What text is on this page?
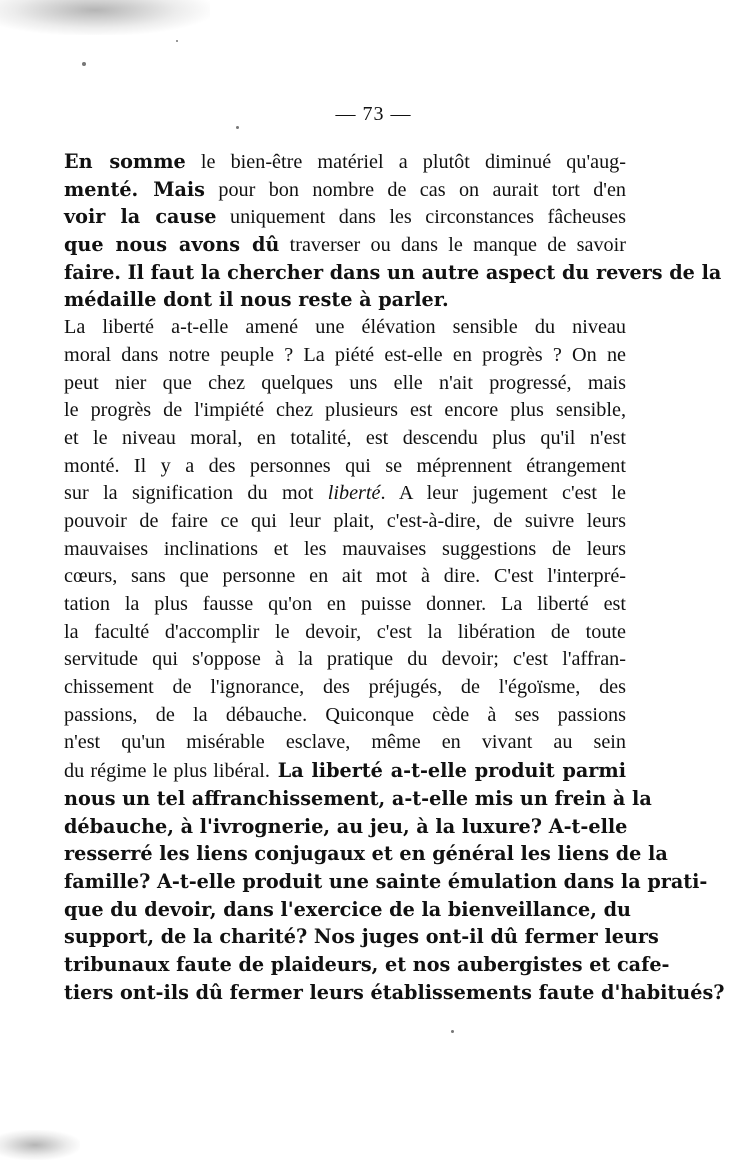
— 73 —
En somme le bien-être matériel a plutôt diminué qu'aug-
menté. Mais pour bon nombre de cas on aurait tort d'en
voir la cause uniquement dans les circonstances fâcheuses
que nous avons dû traverser ou dans le manque de savoir
faire. Il faut la chercher dans un autre aspect du revers de la
médaille dont il nous reste à parler.
La liberté a-t-elle amené une élévation sensible du niveau
moral dans notre peuple ? La piété est-elle en progrès ? On ne
peut nier que chez quelques uns elle n'ait progressé, mais
le progrès de l'impiété chez plusieurs est encore plus sensible,
et le niveau moral, en totalité, est descendu plus qu'il n'est
monté. Il y a des personnes qui se méprennent étrangement
sur la signification du mot liberté. A leur jugement c'est le
pouvoir de faire ce qui leur plait, c'est-à-dire, de suivre leurs
mauvaises inclinations et les mauvaises suggestions de leurs
cœurs, sans que personne en ait mot à dire. C'est l'interpré-
tation la plus fausse qu'on en puisse donner. La liberté est
la faculté d'accomplir le devoir, c'est la libération de toute
servitude qui s'oppose à la pratique du devoir; c'est l'affran-
chissement de l'ignorance, des préjugés, de l'égoïsme, des
passions, de la débauche. Quiconque cède à ses passions
n'est qu'un misérable esclave, même en vivant au sein
du régime le plus libéral. La liberté a-t-elle produit parmi
nous un tel affranchissement, a-t-elle mis un frein à la
débauche, à l'ivrognerie, au jeu, à la luxure? A-t-elle
resserré les liens conjugaux et en général les liens de la
famille? A-t-elle produit une sainte émulation dans la prati-
que du devoir, dans l'exercice de la bienveillance, du
support, de la charité? Nos juges ont-il dû fermer leurs
tribunaux faute de plaideurs, et nos aubergistes et cafe-
tiers ont-ils dû fermer leurs établissements faute d'habitués?
